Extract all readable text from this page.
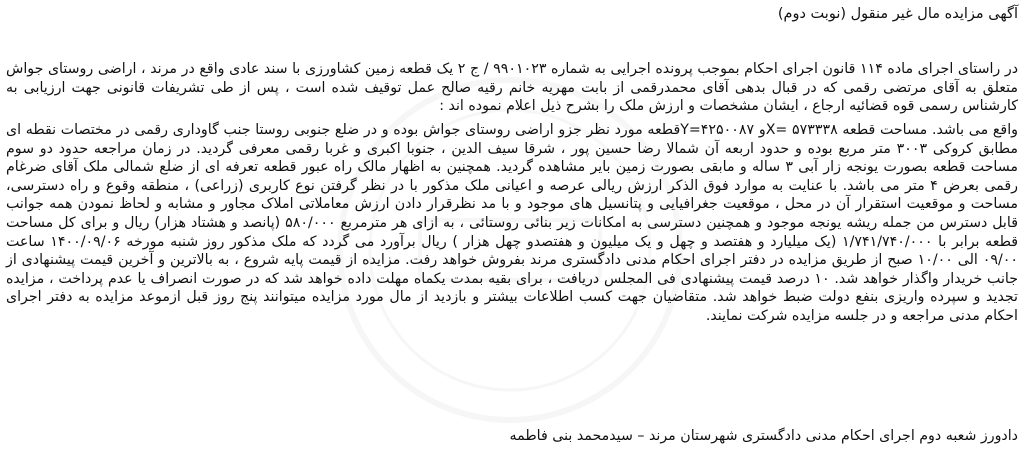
آگهی مزایده مال غیر منقول (نوبت دوم)

در راستای اجرای ماده ۱۱۴ قانون اجرای احکام بموجب پرونده اجرایی به شماره ۹۹۰۱۰۲۳ / ج ۲ یک قطعه زمین کشاورزی با سند عادی واقع در مرند ، اراضی روستای جواش متعلق به آقای مرتضی رقمی که در قبال بدهی آقای محمدرقمی از بابت مهریه خانم رقیه صالح عمل توقیف شده است ، پس از طی تشریفات قانونی جهت ارزیابی به کارشناس رسمی قوه قضائیه ارجاع ، ایشان مشخصات و ارزش ملک را بشرح ذیل اعلام نموده اند :

واقع می باشد. مساحت قطعه ۵۷۳۳۳۸ =Xو ۴۲۵۰۰۸۷=Yقطعه مورد نظر جزو اراضی روستای جواش بوده و در ضلع جنوبی روستا جنب گاوداری رقمی در مختصات نقطه ای مطابق کروکی ۳۰۰۳ متر مربع بوده و حدود اربعه آن شمالا رضا حسین پور ، شرقا سیف الدین ، جنوبا اکبری و غربا رقمی معرفی گردید. در زمان مراجعه حدود دو سوم مساحت قطعه بصورت یونجه زار آبی ۳ ساله و مابقی بصورت زمین بایر مشاهده گردید. همچنین به اظهار مالک راه عبور قطعه تعرفه ای از ضلع شمالی ملک آقای ضرغام رقمی بعرض ۴ متر می باشد. با عنایت به موارد فوق الذکر ارزش ریالی عرصه و اعیانی ملک مذکور با در نظر گرفتن نوع کاربری (زراعی) ، منطقه وقوع و راه دسترسی، مساحت و موقعیت استقرار آن در محل ، موقعیت جغرافیایی و پتانسیل های موجود و با مد نظرقرار دادن ارزش معاملاتی املاک مجاور و مشابه و لحاظ نمودن همه جوانب قابل دسترس من جمله ریشه یونجه موجود و همچنین دسترسی به امکانات زیر بنائی روستائی ، به ازای هر مترمربع ۵۸۰/۰۰۰ (پانصد و هشتاد هزار) ریال و برای کل مساحت قطعه برابر با ۱/۷۴۱/۷۴۰/۰۰۰ (یک میلیارد و هفتصد و چهل و یک میلیون و هفتصدو چهل هزار ) ریال برآورد می گردد که ملک مذکور روز شنبه مورخه ۱۴۰۰/۰۹/۰۶ ساعت ۰۹/۰۰ الی ۱۰/۰۰ صبح از طریق مزایده در دفتر اجرای احکام مدنی دادگستری مرند بفروش خواهد رفت. مزایده از قیمت پایه شروع ، به بالاترین و آخرین قیمت پیشنهادی از جانب خریدار واگذار خواهد شد. ۱۰ درصد قیمت پیشنهادی فی المجلس دریافت ، برای بقیه بمدت یکماه مهلت داده خواهد شد که در صورت انصراف یا عدم پرداخت ، مزایده تجدید و سپرده واریزی بنفع دولت ضبط خواهد شد. متقاضیان جهت کسب اطلاعات بیشتر و بازدید از مال مورد مزایده میتوانند پنج روز قبل ازموعد مزایده به دفتر اجرای احکام مدنی مراجعه و در جلسه مزایده شرکت نمایند.

دادورز شعبه دوم اجرای احکام مدنی دادگستری شهرستان مرند – سیدمحمد بنی فاطمه
